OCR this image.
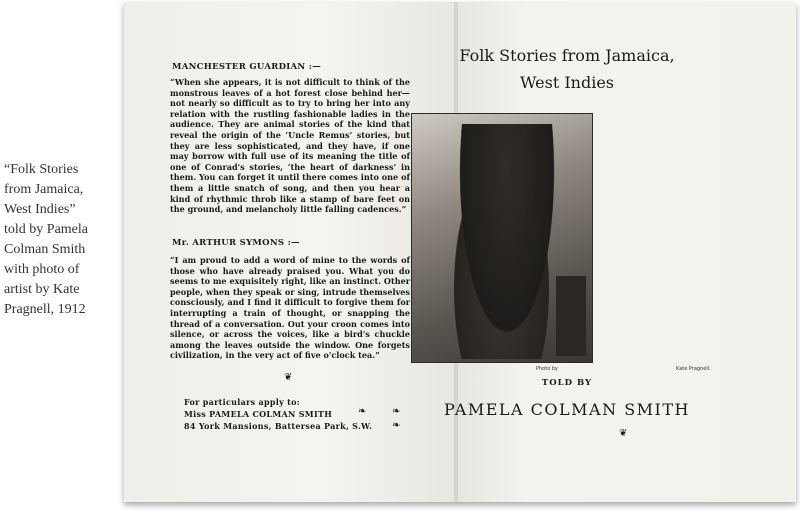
“Folk Stories
from Jamaica,
West Indies”
told by Pamela
Colman Smith
with photo of
artist by Kate
Pragnell, 1912
MANCHESTER GUARDIAN :—
“When she appears, it is not difficult to think of the monstrous leaves of a hot forest close behind her—not nearly so difficult as to try to bring her into any relation with the rustling fashionable ladies in the audience. They are animal stories of the kind that reveal the origin of the ‘Uncle Remus’ stories, but they are less sophisticated, and they have, if one may borrow with full use of its meaning the title of one of Conrad's stories, ‘the heart of darkness’ in them. You can forget it until there comes into one of them a little snatch of song, and then you hear a kind of rhythmic throb like a stamp of bare feet on the ground, and melancholy little falling cadences.”
Mr. ARTHUR SYMONS :—
“I am proud to add a word of mine to the words of those who have already praised you. What you do seems to me exquisitely right, like an instinct. Other people, when they speak or sing, intrude themselves consciously, and I find it difficult to forgive them for interrupting a train of thought, or snapping the thread of a conversation. Out your croon comes into silence, or across the voices, like a bird's chuckle among the leaves outside the window. One forgets civilization, in the very act of five o'clock tea.”
❦
For particulars apply to:
Miss PAMELA COLMAN SMITH
84 York Mansions, Battersea Park, S.W.
❧	❧
❧
Folk Stories from Jamaica,
West Indies
Photo by	Kate Pragnell.
TOLD BY
PAMELA COLMAN SMITH
❦
